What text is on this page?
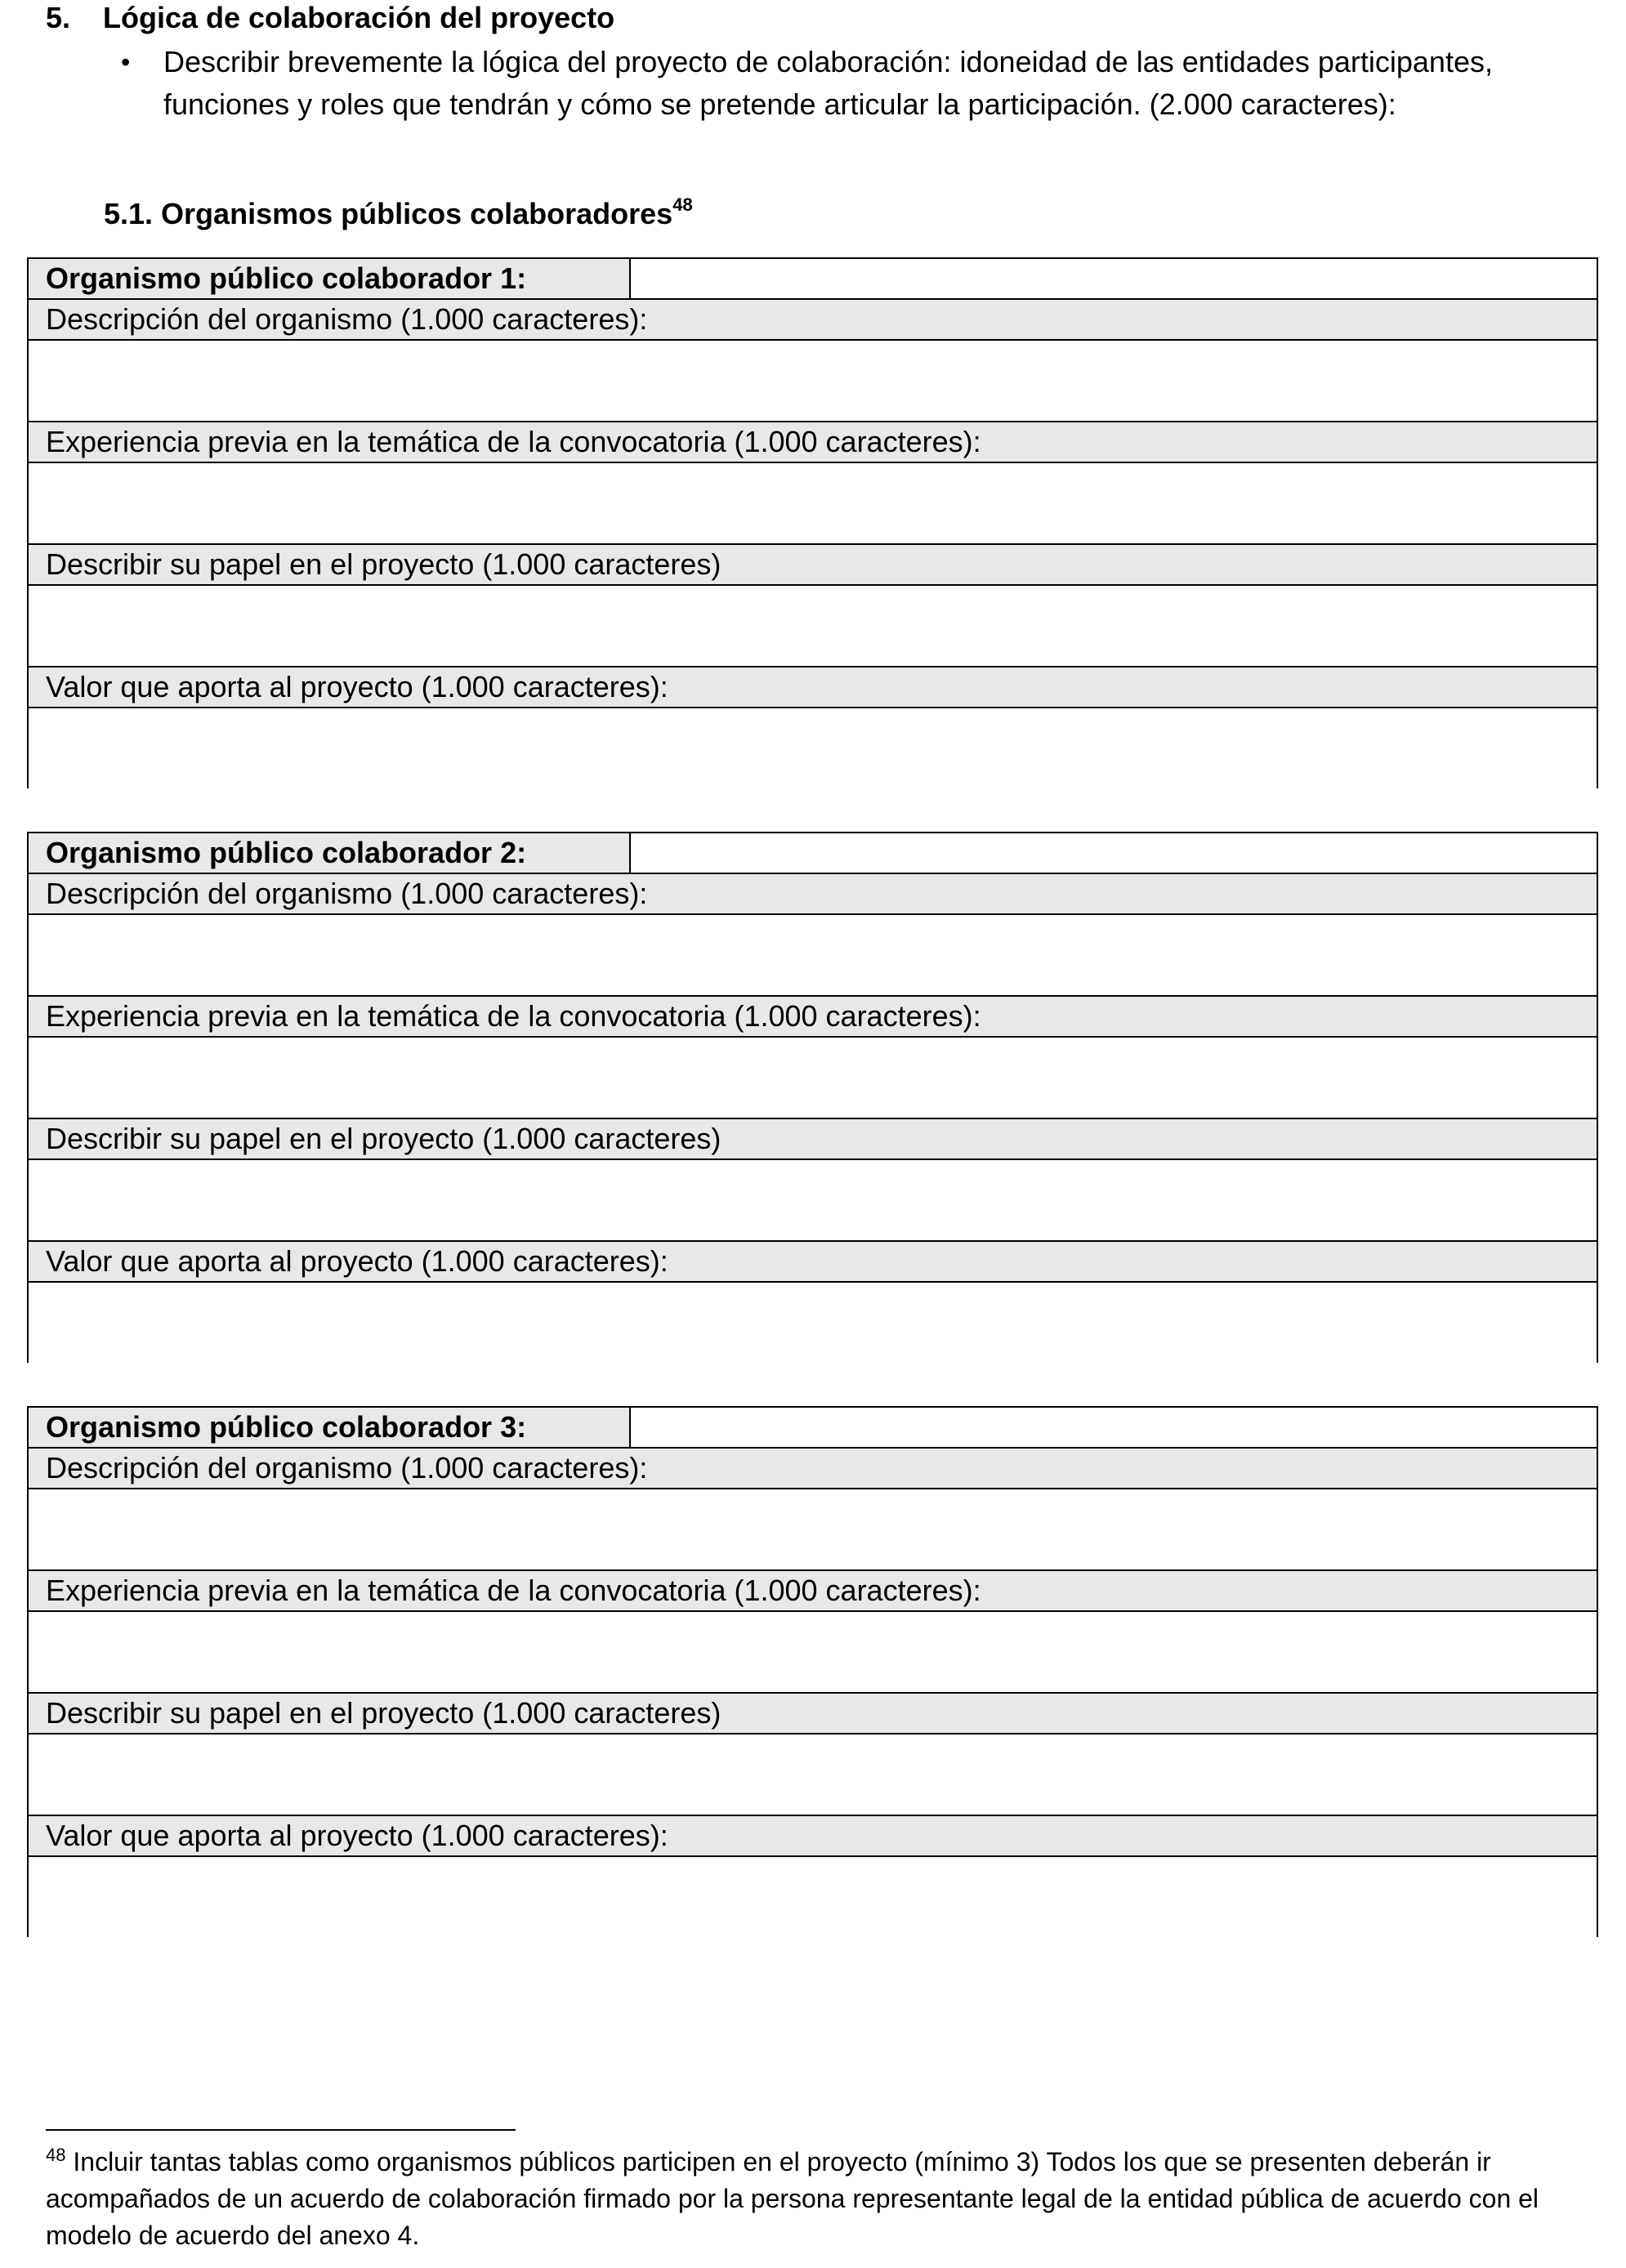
5. Lógica de colaboración del proyecto
• Describir brevemente la lógica del proyecto de colaboración: idoneidad de las entidades participantes, funciones y roles que tendrán y cómo se pretende articular la participación. (2.000 caracteres):
5.1. Organismos públicos colaboradores$^{48}$
Organismo público colaborador 1:
Descripción del organismo (1.000 caracteres):
Experiencia previa en la temática de la convocatoria (1.000 caracteres):
Describir su papel en el proyecto (1.000 caracteres)
Valor que aporta al proyecto (1.000 caracteres):
Organismo público colaborador 2:
Descripción del organismo (1.000 caracteres):
Experiencia previa en la temática de la convocatoria (1.000 caracteres):
Describir su papel en el proyecto (1.000 caracteres)
Valor que aporta al proyecto (1.000 caracteres):
Organismo público colaborador 3:
Descripción del organismo (1.000 caracteres):
Experiencia previa en la temática de la convocatoria (1.000 caracteres):
Describir su papel en el proyecto (1.000 caracteres)
Valor que aporta al proyecto (1.000 caracteres):
$^{48}$ Incluir tantas tablas como organismos públicos participen en el proyecto (mínimo 3) Todos los que se presenten deberán ir acompañados de un acuerdo de colaboración firmado por la persona representante legal de la entidad pública de acuerdo con el modelo de acuerdo del anexo 4.
